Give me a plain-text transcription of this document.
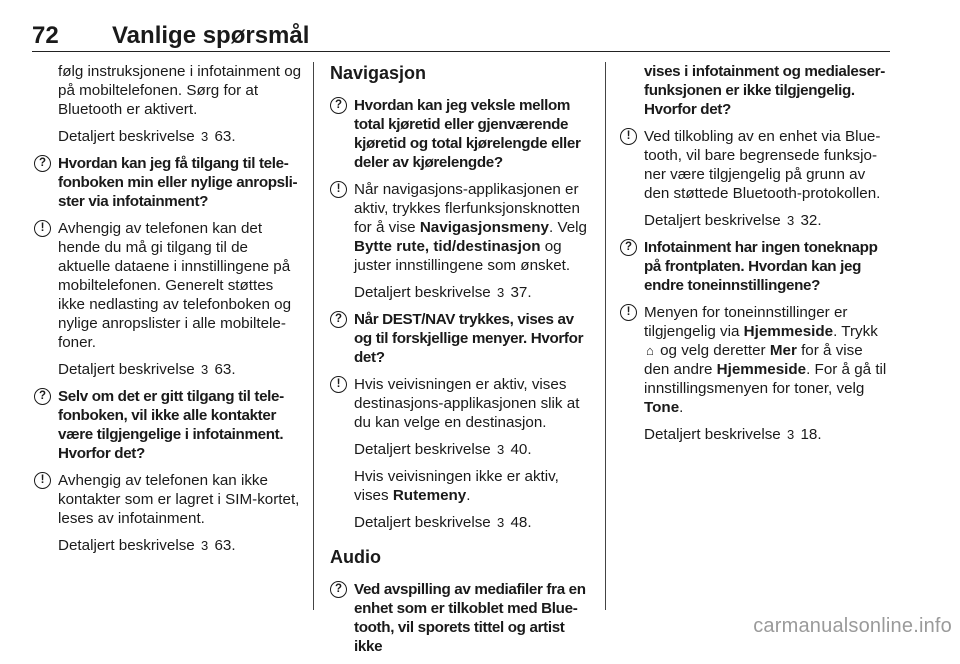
72 Vanlige spørsmål
følg instruksjonene i infotainment og på mobiltelefonen. Sørg for at Bluetooth er aktivert.
Detaljert beskrivelse 3 63.
? Hvordan kan jeg få tilgang til telefonboken min eller nylige anropslister via infotainment?
! Avhengig av telefonen kan det hende du må gi tilgang til de aktuelle dataene i innstillingene på mobiltelefonen. Generelt støttes ikke nedlasting av telefonboken og nylige anropslister i alle mobiltelefoner.
Detaljert beskrivelse 3 63.
? Selv om det er gitt tilgang til telefonboken, vil ikke alle kontakter være tilgjengelige i infotainment. Hvorfor det?
! Avhengig av telefonen kan ikke kontakter som er lagret i SIM-kortet, leses av infotainment.
Detaljert beskrivelse 3 63.
Navigasjon
? Hvordan kan jeg veksle mellom total kjøretid eller gjenværende kjøretid og total kjørelengde eller deler av kjørelengde?
! Når navigasjons-applikasjonen er aktiv, trykkes flerfunksjonsknotten for å vise Navigasjonsmeny. Velg Bytte rute, tid/destinasjon og juster innstillingene som ønsket.
Detaljert beskrivelse 3 37.
? Når DEST/NAV trykkes, vises av og til forskjellige menyer. Hvorfor det?
! Hvis veivisningen er aktiv, vises destinasjons-applikasjonen slik at du kan velge en destinasjon.
Detaljert beskrivelse 3 40.
Hvis veivisningen ikke er aktiv, vises Rutemeny.
Detaljert beskrivelse 3 48.
Audio
? Ved avspilling av mediafiler fra en enhet som er tilkoblet med Bluetooth, vil sporets tittel og artist ikke
vises i infotainment og medialeser-funksjonen er ikke tilgjengelig. Hvorfor det?
! Ved tilkobling av en enhet via Bluetooth, vil bare begrensede funksjoner være tilgjengelig på grunn av den støttede Bluetooth-protokollen.
Detaljert beskrivelse 3 32.
? Infotainment har ingen toneknapp på frontplaten. Hvordan kan jeg endre toneinnstillingene?
! Menyen for toneinnstillinger er tilgjengelig via Hjemmeside. Trykk ⌂ og velg deretter Mer for å vise den andre Hjemmeside. For å gå til innstillingsmenyen for toner, velg Tone.
Detaljert beskrivelse 3 18.
carmanualsonline.info
